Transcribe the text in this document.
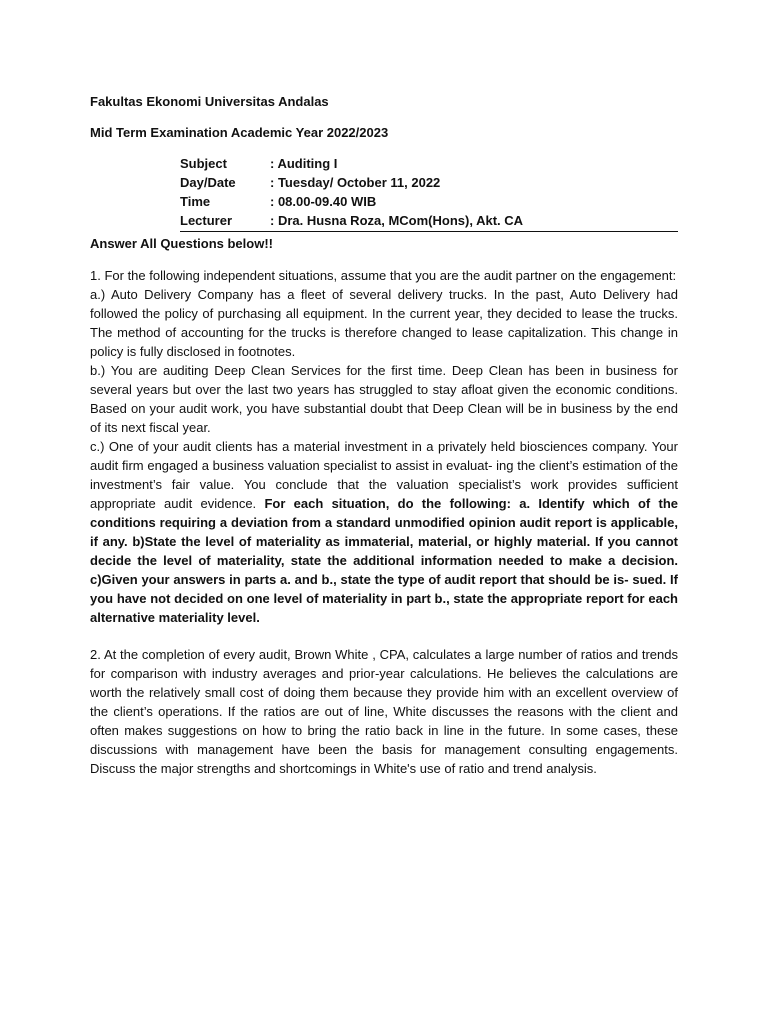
Fakultas Ekonomi Universitas Andalas

Mid Term Examination Academic Year 2022/2023

Subject	: Auditing I
Day/Date	: Tuesday/ October 11, 2022
Time	: 08.00-09.40 WIB
Lecturer	: Dra. Husna Roza, MCom(Hons), Akt. CA

Answer All Questions below!!

1. For the following independent situations, assume that you are the audit partner on the engagement:
a.) Auto Delivery Company has a fleet of several delivery trucks. In the past, Auto Delivery had followed the policy of purchasing all equipment. In the current year, they decided to lease the trucks. The method of accounting for the trucks is therefore changed to lease capitalization. This change in policy is fully disclosed in footnotes.
b.) You are auditing Deep Clean Services for the first time. Deep Clean has been in business for several years but over the last two years has struggled to stay afloat given the economic conditions. Based on your audit work, you have substantial doubt that Deep Clean will be in business by the end of its next fiscal year.
c.) One of your audit clients has a material investment in a privately held biosciences company. Your audit firm engaged a business valuation specialist to assist in evaluat- ing the client’s estimation of the investment’s fair value. You conclude that the valuation specialist’s work provides sufficient appropriate audit evidence. For each situation, do the following: a. Identify which of the conditions requiring a deviation from a standard unmodified opinion audit report is applicable, if any. b)State the level of materiality as immaterial, material, or highly material. If you cannot decide the level of materiality, state the additional information needed to make a decision. c)Given your answers in parts a. and b., state the type of audit report that should be is- sued. If you have not decided on one level of materiality in part b., state the appropriate report for each alternative materiality level.
2. At the completion of every audit, Brown White , CPA, calculates a large number of ratios and trends for comparison with industry averages and prior-year calculations. He believes the calculations are worth the relatively small cost of doing them because they provide him with an excellent overview of the client’s operations. If the ratios are out of line, White discusses the reasons with the client and often makes suggestions on how to bring the ratio back in line in the future. In some cases, these discussions with management have been the basis for management consulting engagements. Discuss the major strengths and shortcomings in White's use of ratio and trend analysis.
